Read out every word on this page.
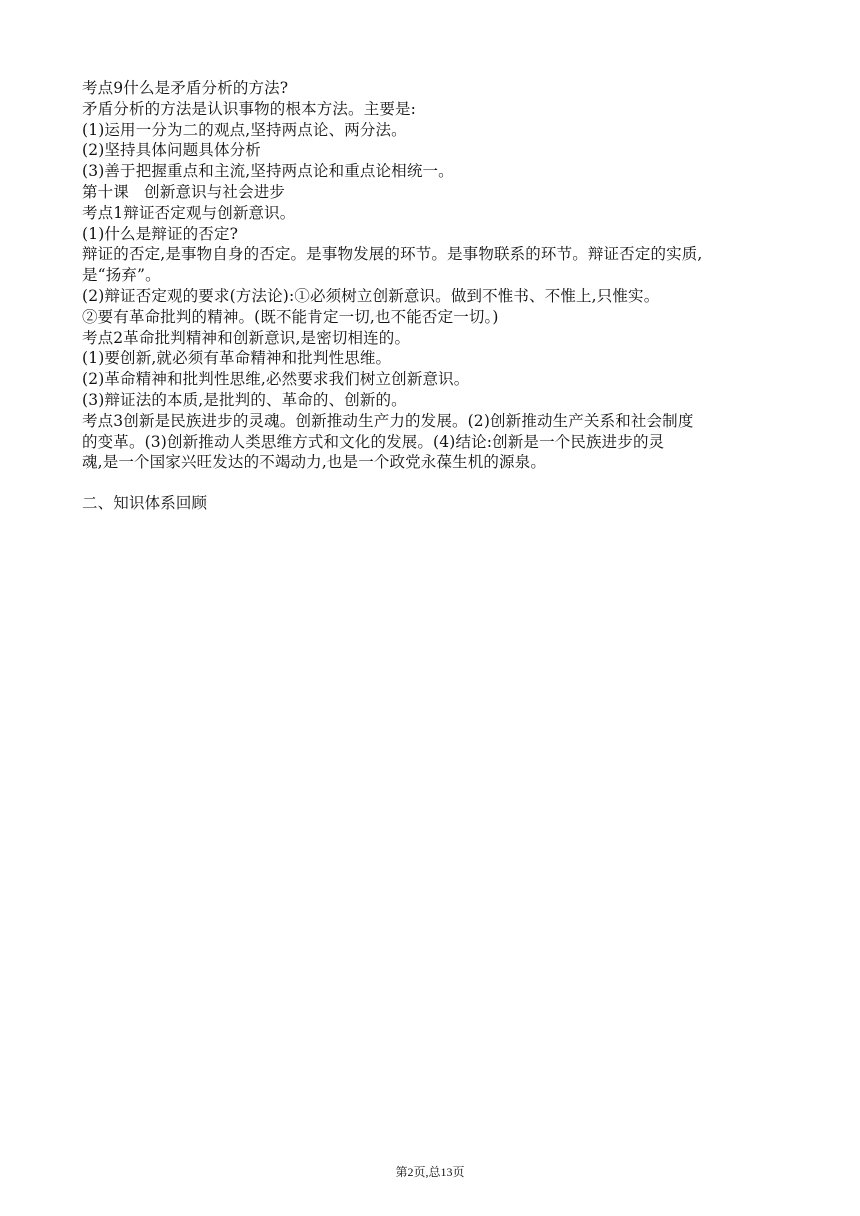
考点9什么是矛盾分析的方法?
矛盾分析的方法是认识事物的根本方法。主要是:
(1)运用一分为二的观点,坚持两点论、两分法。
(2)坚持具体问题具体分析
(3)善于把握重点和主流,坚持两点论和重点论相统一。
第十课   创新意识与社会进步
考点1辩证否定观与创新意识。
(1)什么是辩证的否定?
辩证的否定,是事物自身的否定。是事物发展的环节。是事物联系的环节。辩证否定的实质,
是“扬弃”。
(2)辩证否定观的要求(方法论):①必须树立创新意识。做到不惟书、不惟上,只惟实。
②要有革命批判的精神。(既不能肯定一切,也不能否定一切。)
考点2革命批判精神和创新意识,是密切相连的。
(1)要创新,就必须有革命精神和批判性思维。
(2)革命精神和批判性思维,必然要求我们树立创新意识。
(3)辩证法的本质,是批判的、革命的、创新的。
考点3创新是民族进步的灵魂。创新推动生产力的发展。(2)创新推动生产关系和社会制度
的变革。(3)创新推动人类思维方式和文化的发展。(4)结论:创新是一个民族进步的灵
魂,是一个国家兴旺发达的不竭动力,也是一个政党永葆生机的源泉。
二、知识体系回顾
第2页,总13页
